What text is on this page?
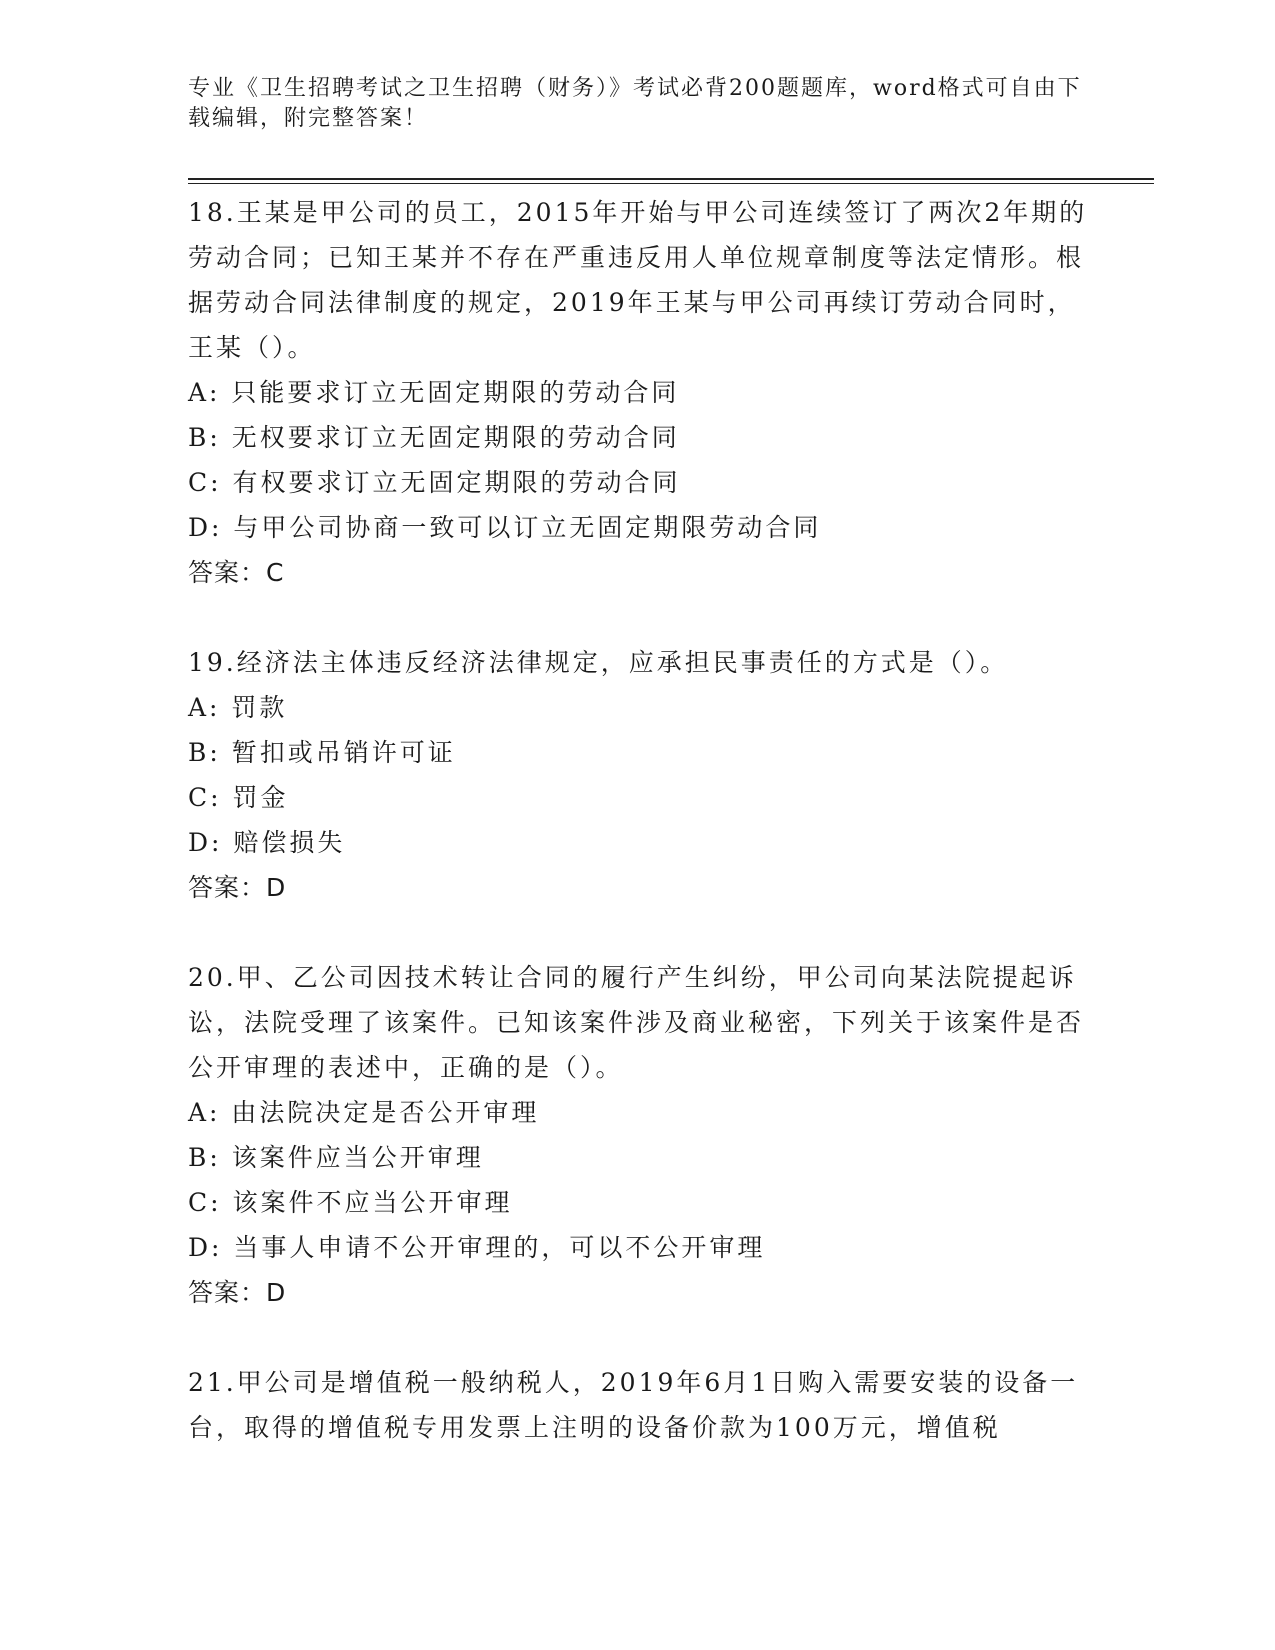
专业《卫生招聘考试之卫生招聘（财务）》考试必背200题题库，word格式可自由下载编辑，附完整答案！
18.王某是甲公司的员工，2015年开始与甲公司连续签订了两次2年期的劳动合同；已知王某并不存在严重违反用人单位规章制度等法定情形。根据劳动合同法律制度的规定，2019年王某与甲公司再续订劳动合同时，王某（）。
A: 只能要求订立无固定期限的劳动合同
B: 无权要求订立无固定期限的劳动合同
C: 有权要求订立无固定期限的劳动合同
D: 与甲公司协商一致可以订立无固定期限劳动合同
答案：C
19.经济法主体违反经济法律规定，应承担民事责任的方式是（）。
A: 罚款
B: 暂扣或吊销许可证
C: 罚金
D: 赔偿损失
答案：D
20.甲、乙公司因技术转让合同的履行产生纠纷，甲公司向某法院提起诉讼，法院受理了该案件。已知该案件涉及商业秘密，下列关于该案件是否公开审理的表述中，正确的是（）。
A: 由法院决定是否公开审理
B: 该案件应当公开审理
C: 该案件不应当公开审理
D: 当事人申请不公开审理的，可以不公开审理
答案：D
21.甲公司是增值税一般纳税人，2019年6月1日购入需要安装的设备一台，取得的增值税专用发票上注明的设备价款为100万元，增值税
